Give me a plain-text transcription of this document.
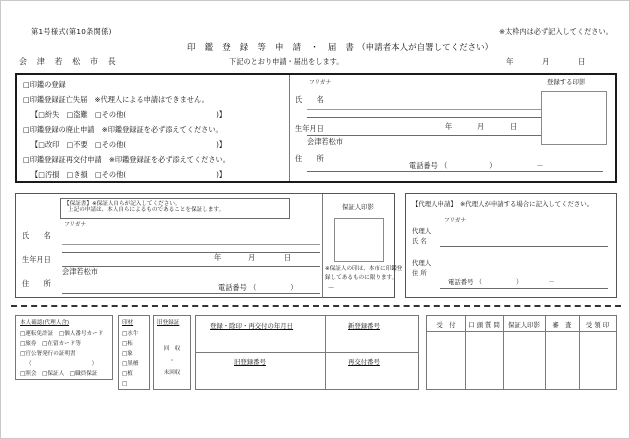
第1号様式(第10条関係)	※太枠内は必ず記入してください。
印 鑑 登 録 等 申 請 ・ 届 書（申請者本人が自署してください）
会 津 若 松 市 長	下記のとおり申請・届出をします。	年	月	日
□印鑑の登録
□印鑑登録証亡失届　 ※代理人による申請はできません。
【□紛失　 □盗難　 □その他(	)】
□印鑑登録の廃止申請　 ※印鑑登録証を必ず添えてください。
【□改印　 □不要　 □その他(	)】
□印鑑登録証再交付申請　 ※印鑑登録証を必ず添えてください。
【□汚損　 □き損　 □その他(	)】
フリガナ
氏　　名
生年月日	年	月	日
会津若松市
住　　所
電話番号 （	）	－
登録する印影
【保証書】※保証人自らが記入してください。
上記の申請は、本人自らによるものであることを保証します。
フリガナ
氏　　名
生年月日	年	月	日
会津若松市
住　　所	電話番号 （	）	－
保証人印影
※保証人の印は、本市に印鑑登
録してあるものに限ります。
【代理人申請】　 ※代理人が申請する場合に記入してください。
フリガナ
代理人
氏 名
代理人
住 所
電話番号 （	）	－
本人確認(代理人含)
□運転免許証　 □個人番号カード
□旅券　 □在留カード等
□官公署発行の証明書
（	）
□照会　 □保証人　 □職員保証
印材
□水牛
□柘
□象
□黒檀
□植
□
旧登録証
回　収
・
未回収
登録・除印・再交付の年月日	新登録番号
旧登録番号	再交付番号
受　付	口 頭 質 問	保証人印影	審　査	受 領 印
